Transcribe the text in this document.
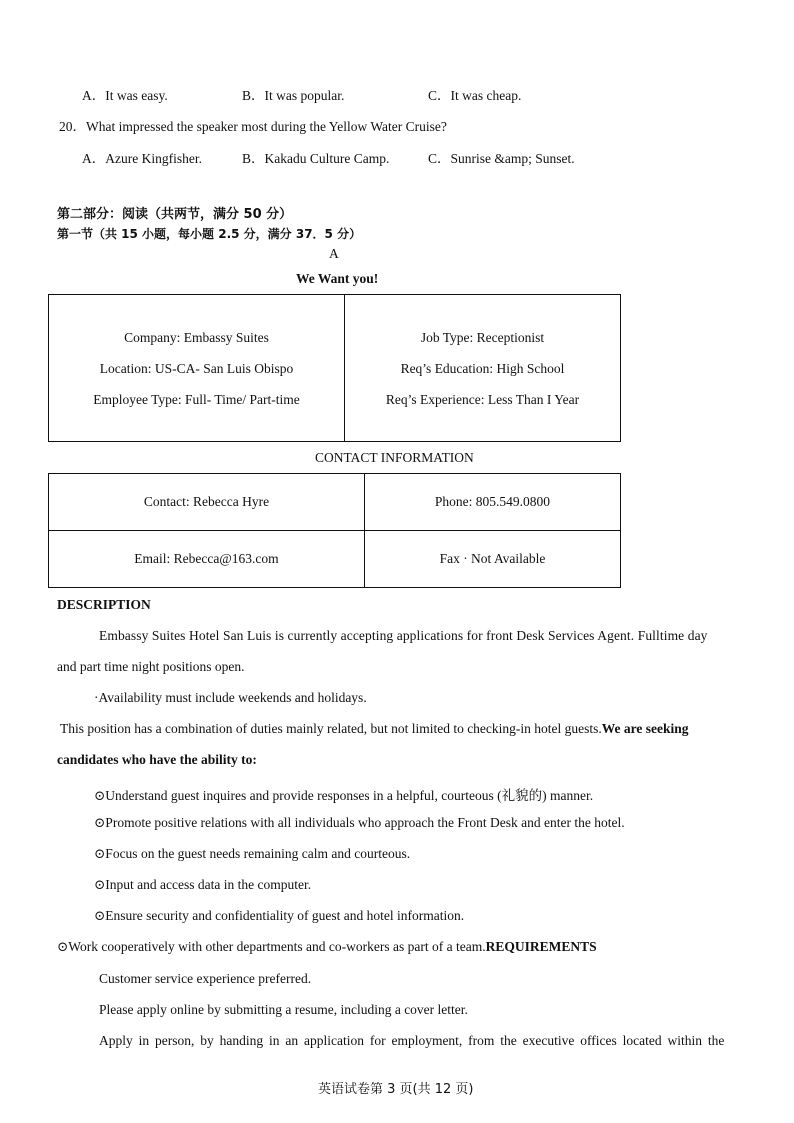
A．It was easy.	B．It was popular.	C．It was cheap.
20．What impressed the speaker most during the Yellow Water Cruise?
A．Azure Kingfisher.	B．Kakadu Culture Camp.	C．Sunrise &amp; Sunset.
第二部分：阅读（共两节，满分 50 分）
第一节（共 15 小题，每小题 2.5 分，满分 37．5 分）
A
We Want you!
Company: Embassy Suites
Location: US-CA- San Luis Obispo
Employee Type: Full- Time/ Part-time

Job Type: Receptionist
Req’s Education: High School
Req’s Experience: Less Than I Year
CONTACT INFORMATION
Contact: Rebecca Hyre	Phone: 805.549.0800
Email: Rebecca@163.com	Fax · Not Available
DESCRIPTION
Embassy Suites Hotel San Luis is currently accepting applications for front Desk Services Agent. Fulltime day
and part time night positions open.
·Availability must include weekends and holidays.
This position has a combination of duties mainly related, but not limited to checking-in hotel guests.We are seeking
candidates who have the ability to:
⊙Understand guest inquires and provide responses in a helpful, courteous (礼貌的) manner.
⊙Promote positive relations with all individuals who approach the Front Desk and enter the hotel.
⊙Focus on the guest needs remaining calm and courteous.
⊙Input and access data in the computer.
⊙Ensure security and confidentiality of guest and hotel information.
⊙Work cooperatively with other departments and co-workers as part of a team.REQUIREMENTS
Customer service experience preferred.
Please apply online by submitting a resume, including a cover letter.
Apply in person, by handing in an application for employment, from the executive offices located within the
英语试卷第 3 页(共 12 页)
